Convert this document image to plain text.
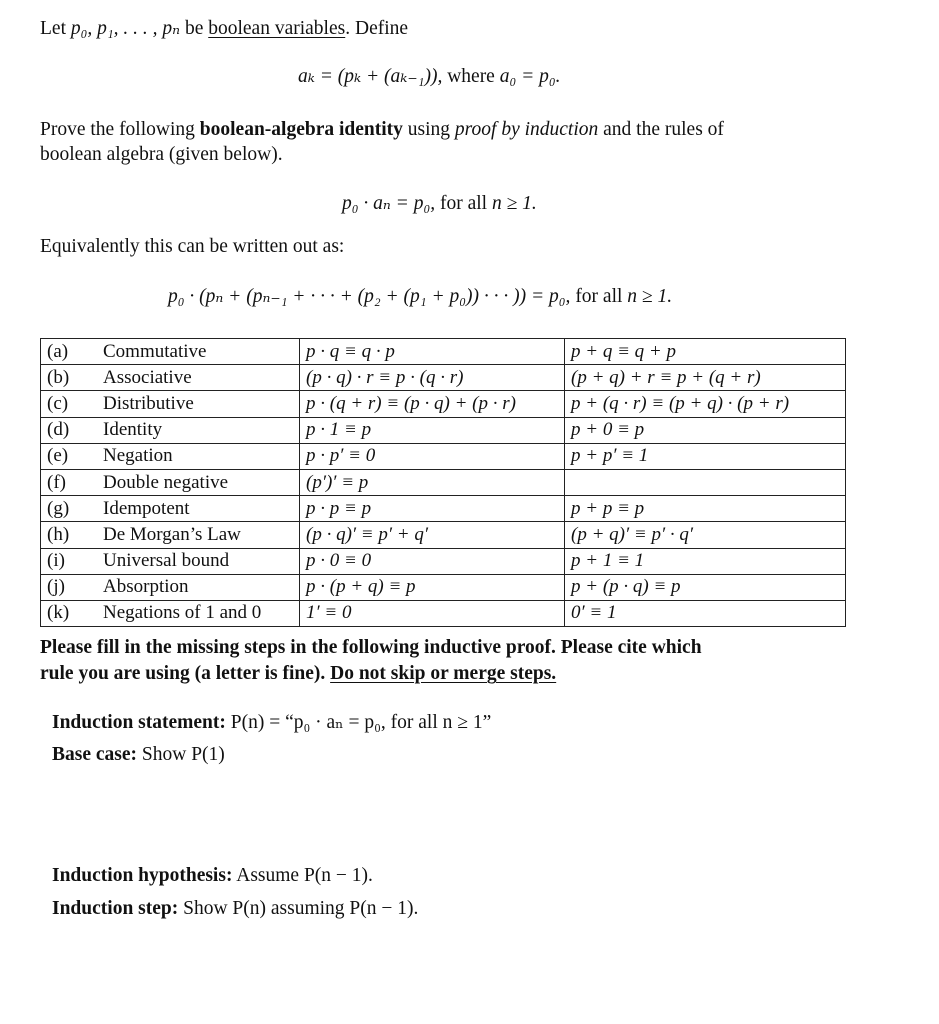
Let p₀, p₁, . . . , pₙ be boolean variables. Define
aₖ = (pₖ + (aₖ₋₁)), where a₀ = p₀.
Prove the following boolean-algebra identity using proof by induction and the rules of
boolean algebra (given below).
p₀ · aₙ = p₀, for all n ≥ 1.
Equivalently this can be written out as:
p₀ · (pₙ + (pₙ₋₁ + · · · + (p₂ + (p₁ + p₀)) · · · )) = p₀, for all n ≥ 1.
(a)	Commutative	p · q ≡ q · p	p + q ≡ q + p
(b)	Associative	(p · q) · r ≡ p · (q · r)	(p + q) + r ≡ p + (q + r)
(c)	Distributive	p · (q + r) ≡ (p · q) + (p · r)	p + (q · r) ≡ (p + q) · (p + r)
(d)	Identity	p · 1 ≡ p	p + 0 ≡ p
(e)	Negation	p · p′ ≡ 0	p + p′ ≡ 1
(f)	Double negative	(p′)′ ≡ p	
(g)	Idempotent	p · p ≡ p	p + p ≡ p
(h)	De Morgan’s Law	(p · q)′ ≡ p′ + q′	(p + q)′ ≡ p′ · q′
(i)	Universal bound	p · 0 ≡ 0	p + 1 ≡ 1
(j)	Absorption	p · (p + q) ≡ p	p + (p · q) ≡ p
(k)	Negations of 1 and 0	1′ ≡ 0	0′ ≡ 1
Please fill in the missing steps in the following inductive proof. Please cite which
rule you are using (a letter is fine). Do not skip or merge steps.
Induction statement: P(n) = “p₀ · aₙ = p₀, for all n ≥ 1”
Base case: Show P(1)
Induction hypothesis: Assume P(n − 1).
Induction step: Show P(n) assuming P(n − 1).
